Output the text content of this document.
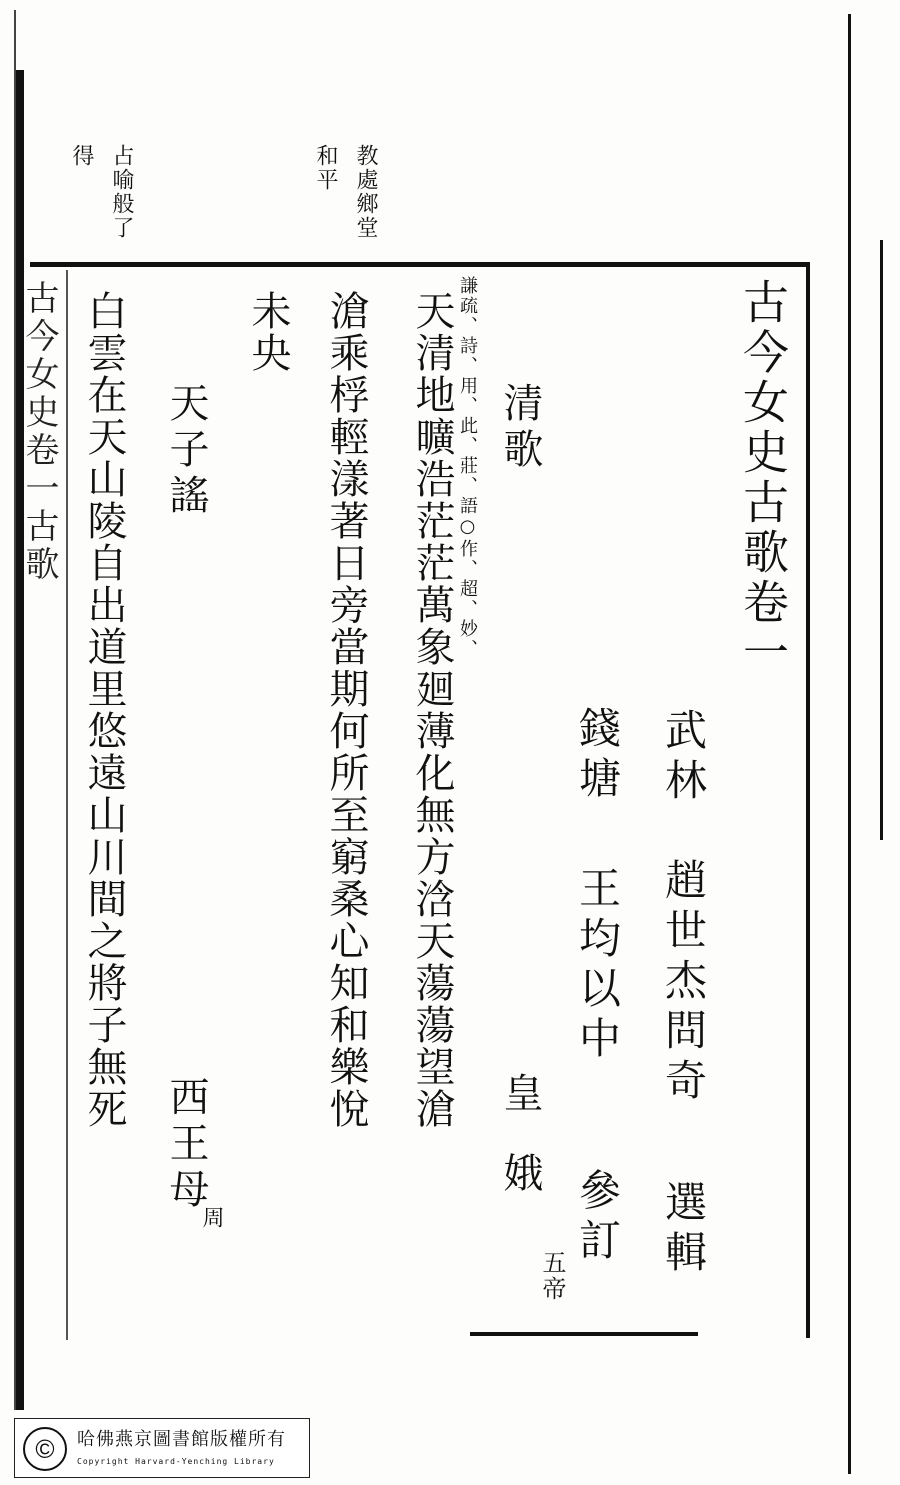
古今女史古歌卷一
武林
趙世杰問奇
選輯
錢塘
王均以中
參訂
清歌
皇娥
五帝
謙疏、詩、用、此、莊、語○作、超、妙、
天清地曠浩茫茫萬象廻薄化無方浛天蕩蕩望滄
滄乘桴輕漾著日旁當期何所至窮桑心知和樂悅
未央
天子謠
西王母
周
白雲在天山陵自出道里悠遠山川間之將子無死
教處鄉堂
和平
占喻般了
得
古今女史卷一古歌
©	哈佛燕京圖書館版權所有
Copyright Harvard-Yenching Library
